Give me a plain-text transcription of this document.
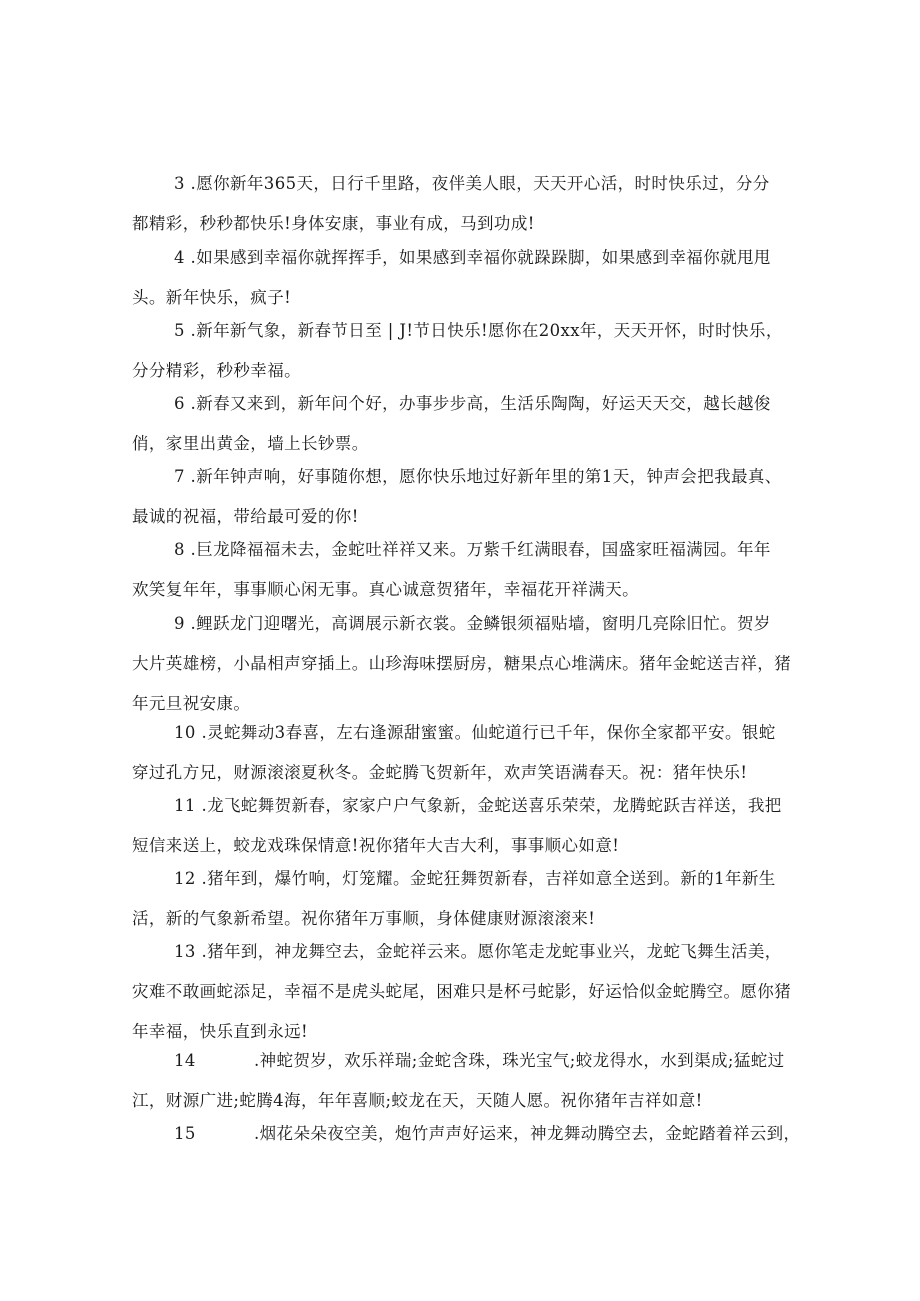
3 .愿你新年365天，日行千里路，夜伴美人眼，天天开心活，时时快乐过，分分
都精彩，秒秒都快乐!身体安康，事业有成，马到功成!
4 .如果感到幸福你就挥挥手，如果感到幸福你就跺跺脚，如果感到幸福你就甩甩
头。新年快乐，疯子!
5 .新年新气象，新春节日至 | J!节日快乐!愿你在20xx年，天天开怀，时时快乐，
分分精彩，秒秒幸福。
6 .新春又来到，新年问个好，办事步步高，生活乐陶陶，好运天天交，越长越俊
俏，家里出黄金，墙上长钞票。
7 .新年钟声响，好事随你想，愿你快乐地过好新年里的第1天，钟声会把我最真、
最诚的祝福，带给最可爱的你!
8 .巨龙降福福未去，金蛇吐祥祥又来。万紫千红满眼春，国盛家旺福满园。年年
欢笑复年年，事事顺心闲无事。真心诚意贺猪年，幸福花开祥满天。
9 .鲤跃龙门迎曙光，高调展示新衣裳。金鳞银须福贴墙，窗明几亮除旧忙。贺岁
大片英雄榜，小晶相声穿插上。山珍海味摆厨房，糖果点心堆满床。猪年金蛇送吉祥，猪
年元旦祝安康。
10 .灵蛇舞动3春喜，左右逢源甜蜜蜜。仙蛇道行已千年，保你全家都平安。银蛇
穿过孔方兄，财源滚滚夏秋冬。金蛇腾飞贺新年，欢声笑语满春天。祝：猪年快乐!
11 .龙飞蛇舞贺新春，家家户户气象新，金蛇送喜乐荣荣，龙腾蛇跃吉祥送，我把
短信来送上，蛟龙戏珠保情意!祝你猪年大吉大利，事事顺心如意!
12 .猪年到，爆竹响，灯笼耀。金蛇狂舞贺新春，吉祥如意全送到。新的1年新生
活，新的气象新希望。祝你猪年万事顺，身体健康财源滚滚来!
13 .猪年到，神龙舞空去，金蛇祥云来。愿你笔走龙蛇事业兴，龙蛇飞舞生活美，
灾难不敢画蛇添足，幸福不是虎头蛇尾，困难只是杯弓蛇影，好运恰似金蛇腾空。愿你猪
年幸福，快乐直到永远!
14	.神蛇贺岁，欢乐祥瑞;金蛇含珠，珠光宝气;蛟龙得水，水到渠成;猛蛇过
江，财源广进;蛇腾4海，年年喜顺;蛟龙在天，天随人愿。祝你猪年吉祥如意!
15	.烟花朵朵夜空美，炮竹声声好运来，神龙舞动腾空去，金蛇踏着祥云到，
